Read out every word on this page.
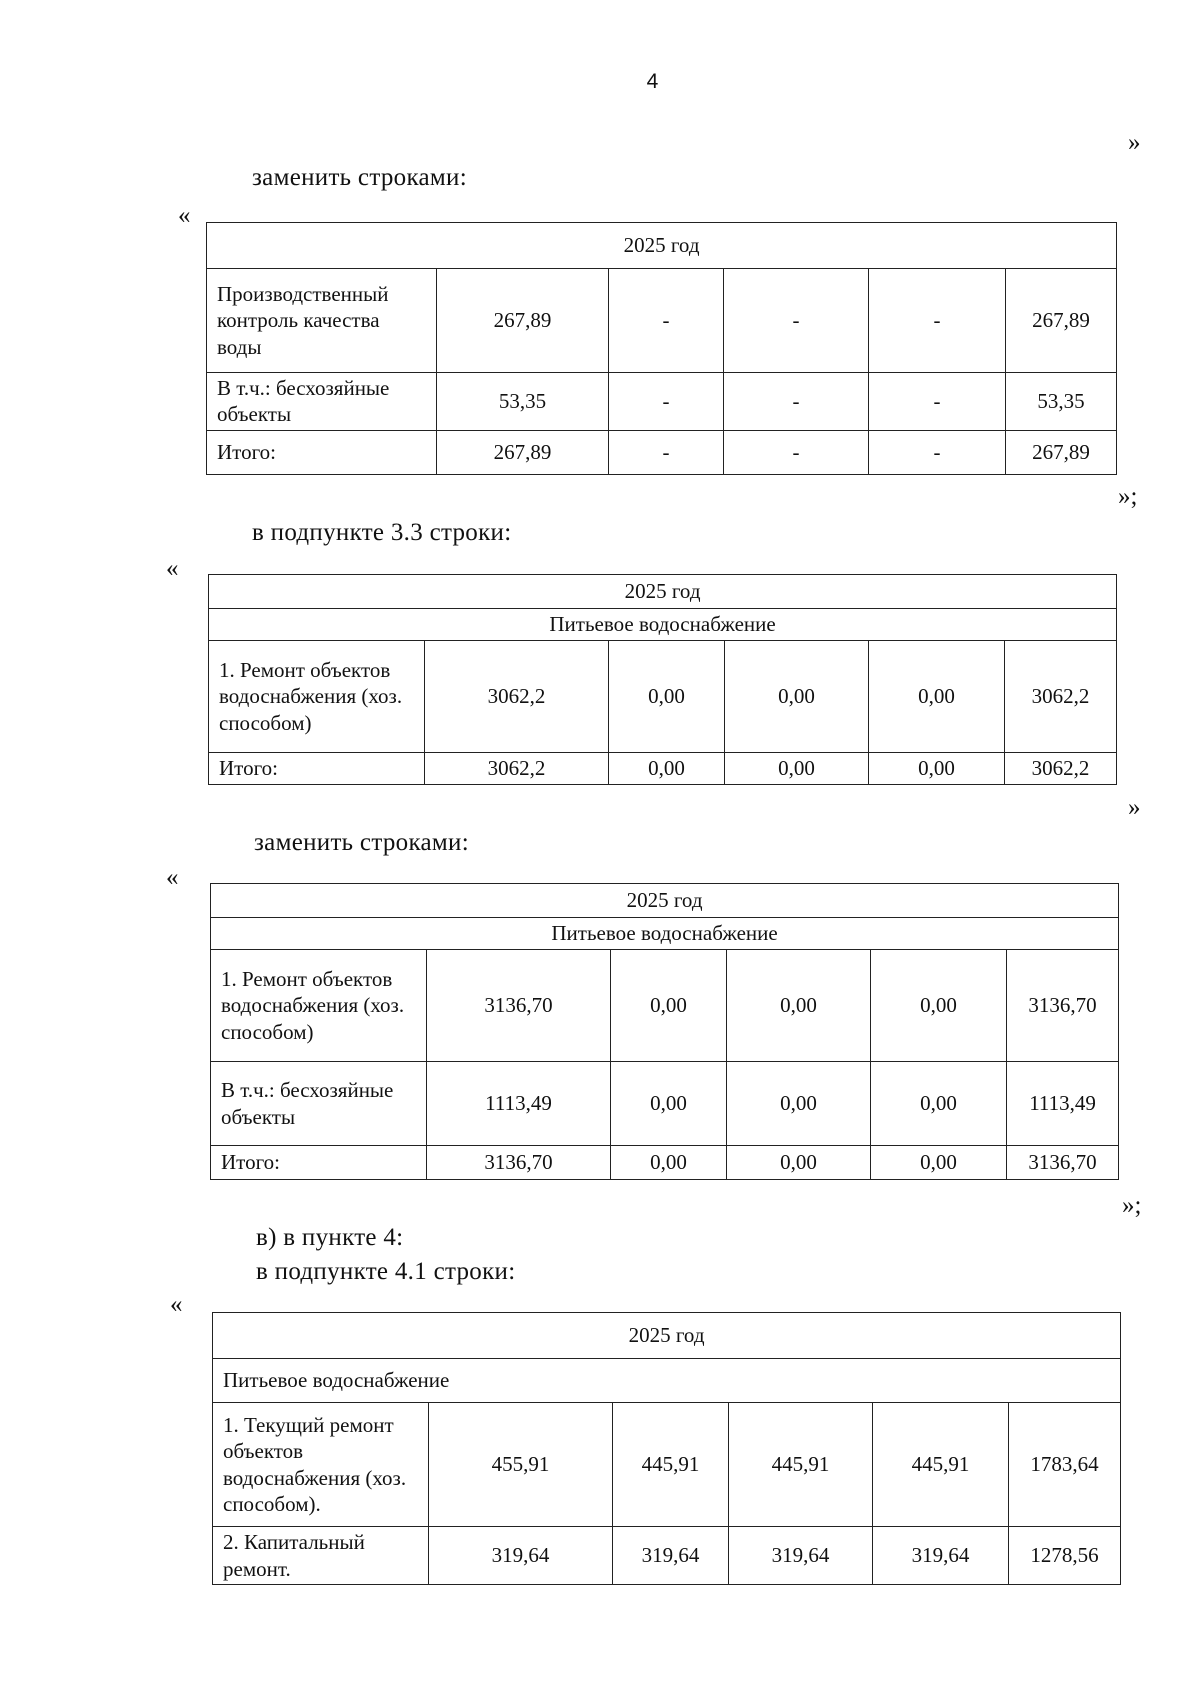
4
»
заменить строками:
«
2025 год					
Производственный контроль качества воды	267,89	-	-	-	267,89
В т.ч.: бесхозяйные объекты	53,35	-	-	-	53,35
Итого:	267,89	-	-	-	267,89
»;
в подпункте 3.3 строки:
«
2025 год					
Питьевое водоснабжение					
1. Ремонт объектов водоснабжения (хоз. способом)	3062,2	0,00	0,00	0,00	3062,2
Итого:	3062,2	0,00	0,00	0,00	3062,2
»
заменить строками:
«
2025 год					
Питьевое водоснабжение					
1. Ремонт объектов водоснабжения (хоз. способом)	3136,70	0,00	0,00	0,00	3136,70
В т.ч.: бесхозяйные объекты	1113,49	0,00	0,00	0,00	1113,49
Итого:	3136,70	0,00	0,00	0,00	3136,70
»;
в) в пункте 4:
в подпункте 4.1 строки:
«
2025 год					
Питьевое водоснабжение					
1. Текущий ремонт объектов водоснабжения (хоз. способом).	455,91	445,91	445,91	445,91	1783,64
2. Капитальный ремонт.	319,64	319,64	319,64	319,64	1278,56
